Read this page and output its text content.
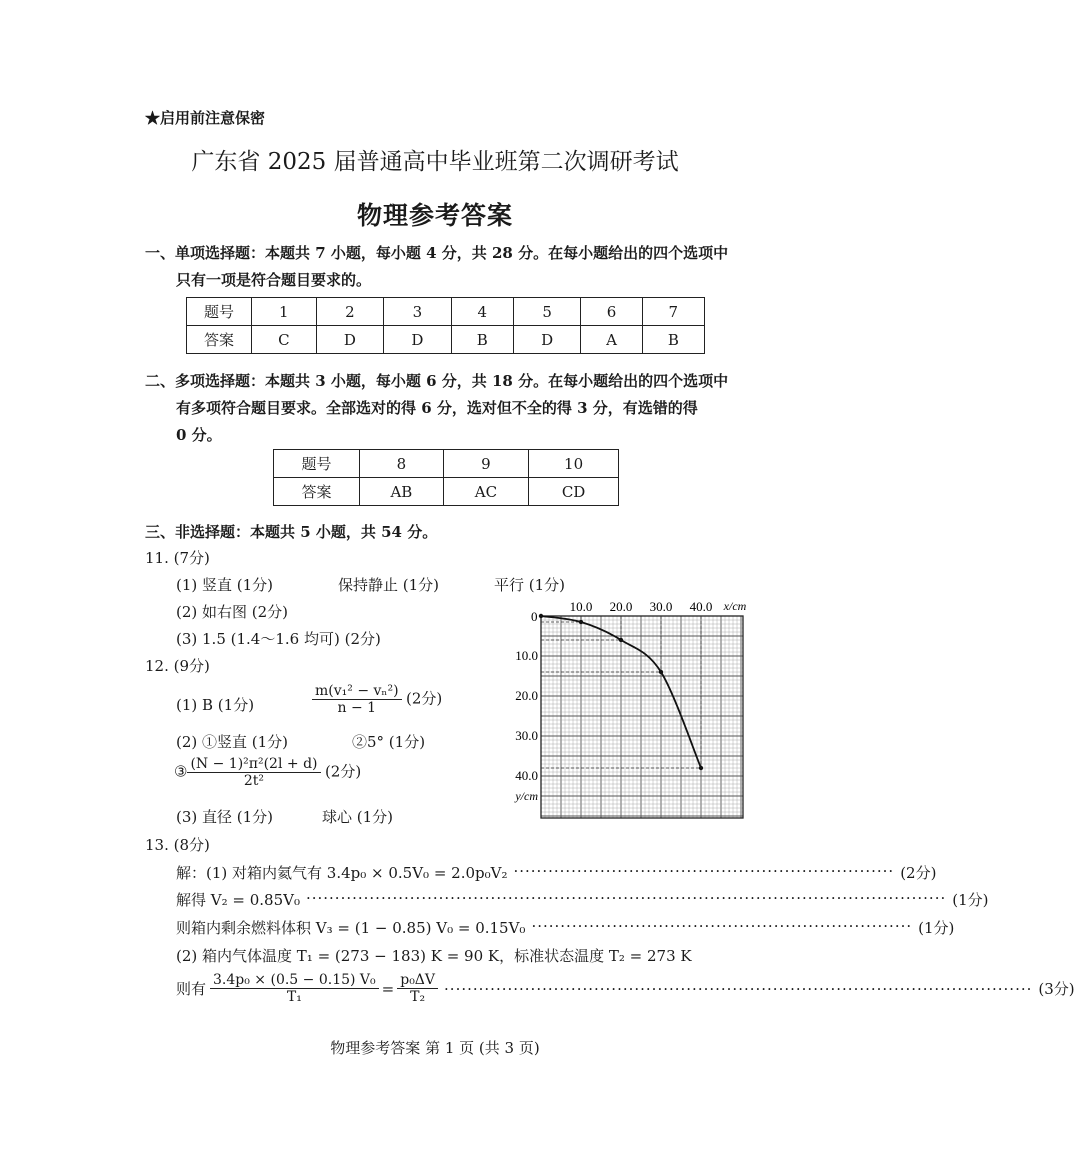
★启用前注意保密
广东省 2025 届普通高中毕业班第二次调研考试
物理参考答案
一、单项选择题：本题共 7 小题，每小题 4 分，共 28 分。在每小题给出的四个选项中
只有一项是符合题目要求的。
题号	1	2	3	4	5	6	7
答案	C	D	D	B	D	A	B
二、多项选择题：本题共 3 小题，每小题 6 分，共 18 分。在每小题给出的四个选项中
有多项符合题目要求。全部选对的得 6 分，选对但不全的得 3 分，有选错的得
0 分。
题号	8	9	10
答案	AB	AC	CD
三、非选择题：本题共 5 小题，共 54 分。
11. (7分)
(1) 竖直 (1分)	保持静止 (1分)	平行 (1分)
(2) 如右图 (2分)
(3) 1.5 (1.4～1.6 均可) (2分)
12. (9分)
(1) B (1分)	$\frac{\text{m(v₁² − vₙ²)}}{n - 1} (2$分)
(2) ①竖直 (1分)	②5° (1分)
③ $\frac{\text{(N − 1)²π²(2l + d)}}{\text{2t²}} (2$分)
(3) 直径 (1分)	球心 (1分)
0
10.0 20.0 30.0 40.0 x/cm
10.0
20.0
30.0
40.0
y/cm
13. (8分)
解：(1) 对箱内氦气有 3.4p₀ × 0.5V₀ = 2.0p₀V₂ ·································································· (2分)
解得 V₂ = 0.85V₀ ··············································································································· (1分)
则箱内剩余燃料体积 V₃ = (1 − 0.85) V₀ = 0.15V₀ ·································································· (1分)
(2) 箱内气体温度 T₁ = (273 − 183) K = 90 K，标准状态温度 T₂ = 273 K
则有 $\frac{\text{3.4p₀ × (0.5 − 0.15) V₀}}{\text{T₁}} = \frac{\text{p₀ΔV}}{\text{T₂}}$ ······································································································ (3分)
物理参考答案 第 1 页 (共 3 页)
